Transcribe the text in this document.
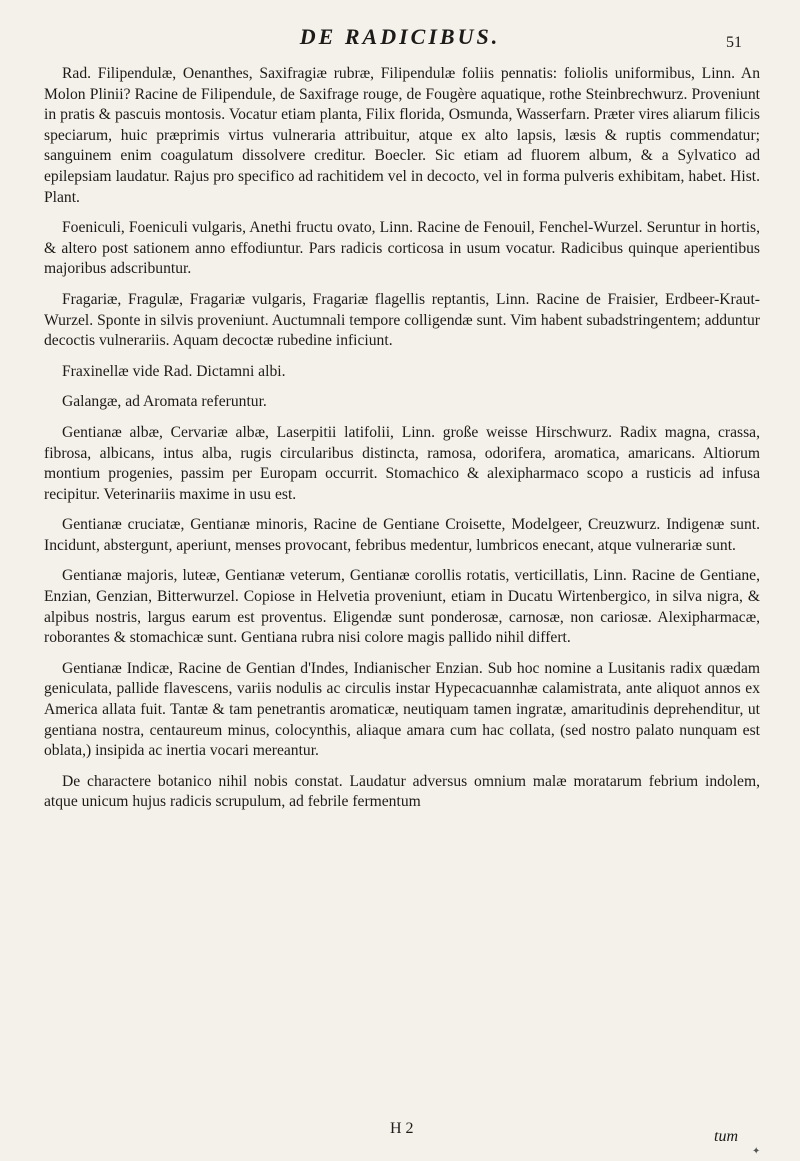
DE RADICIBUS.	51

Rad. Filipendulæ, Oenanthes, Saxifragiæ rubræ, Filipendulæ foliis pennatis: foliolis uniformibus, Linn. An Molon Plinii? Racine de Filipendule, de Saxifrage rouge, de Fougère aquatique, rothe Steinbrechwurz. Proveniunt in pratis & pascuis montosis. Vocatur etiam planta, Filix florida, Osmunda, Wasserfarn. Præter vires aliarum filicis speciarum, huic præprimis virtus vulneraria attribuitur, atque ex alto lapsis, læsis & ruptis commendatur; sanguinem enim coagulatum dissolvere creditur. Boecler. Sic etiam ad fluorem album, & a Sylvatico ad epilepsiam laudatur. Rajus pro specifico ad rachitidem vel in decocto, vel in forma pulveris exhibitam, habet. Hist. Plant.

Foeniculi, Foeniculi vulgaris, Anethi fructu ovato, Linn. Racine de Fenouil, Fenchel-Wurzel. Seruntur in hortis, & altero post sationem anno effodiuntur. Pars radicis corticosa in usum vocatur. Radicibus quinque aperientibus majoribus adscribuntur.

Fragariæ, Fragulæ, Fragariæ vulgaris, Fragariæ flagellis reptantis, Linn. Racine de Fraisier, Erdbeer-Kraut-Wurzel. Sponte in silvis proveniunt. Auctumnali tempore colligendæ sunt. Vim habent subadstringentem; adduntur decoctis vulnerariis. Aquam decoctæ rubedine inficiunt.

Fraxinellæ vide Rad. Dictamni albi.

Galangæ, ad Aromata referuntur.

Gentianæ albæ, Cervariæ albæ, Laserpitii latifolii, Linn. große weisse Hirschwurz. Radix magna, crassa, fibrosa, albicans, intus alba, rugis circularibus distincta, ramosa, odorifera, aromatica, amaricans. Altiorum montium progenies, passim per Europam occurrit. Stomachico & alexipharmaco scopo a rusticis ad infusa recipitur. Veterinariis maxime in usu est.

Gentianæ cruciatæ, Gentianæ minoris, Racine de Gentiane Croisette, Modelgeer, Creuzwurz. Indigenæ sunt. Incidunt, abstergunt, aperiunt, menses provocant, febribus medentur, lumbricos enecant, atque vulnerariæ sunt.

Gentianæ majoris, luteæ, Gentianæ veterum, Gentianæ corollis rotatis, verticillatis, Linn. Racine de Gentiane, Enzian, Genzian, Bitterwurzel. Copiose in Helvetia proveniunt, etiam in Ducatu Wirtenbergico, in silva nigra, & alpibus nostris, largus earum est proventus. Eligendæ sunt ponderosæ, carnosæ, non cariosæ. Alexipharmacæ, roborantes & stomachicæ sunt. Gentiana rubra nisi colore magis pallido nihil differt.

Gentianæ Indicæ, Racine de Gentian d'Indes, Indianischer Enzian. Sub hoc nomine a Lusitanis radix quædam geniculata, pallide flavescens, variis nodulis ac circulis instar Hypecacuannhæ calamistrata, ante aliquot annos ex America allata fuit. Tantæ & tam penetrantis aromaticæ, neutiquam tamen ingratæ, amaritudinis deprehenditur, ut gentiana nostra, centaureum minus, colocynthis, aliaque amara cum hac collata, (sed nostro palato nunquam est oblata,) insipida ac inertia vocari mereantur.

De charactere botanico nihil nobis constat. Laudatur adversus omnium malæ moratarum febrium indolem, atque unicum hujus radicis scrupulum, ad febrile fermentum

H 2	tum
✦
